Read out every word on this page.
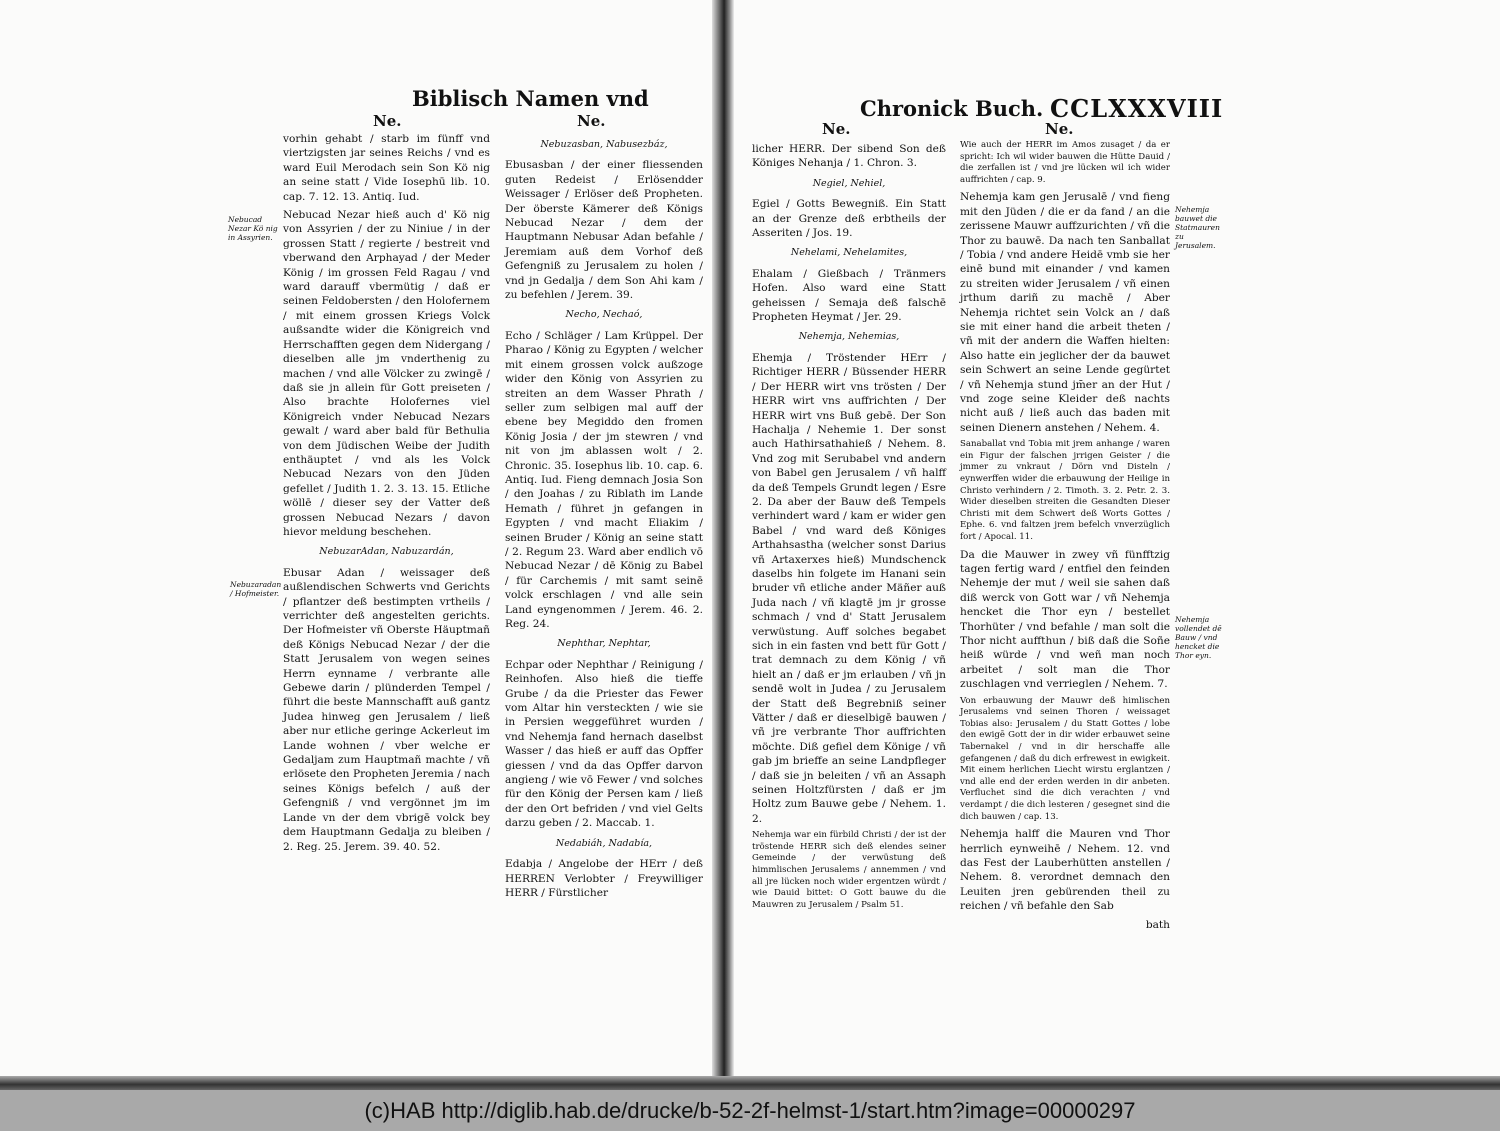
Biblisch Namen vnd	Chronick Buch. CCLXXXVIII
Ne.	Ne.	Ne.	Ne.

vorhin gehabt / starb im fünff vnd viertzigsten jar seines Reichs / vnd es ward Euil Merodach sein Son Kö nig an seine statt / Vide Iosephū lib. 10. cap. 7. 12. 13. Antiq. Iud.

Nebucad Nezar hieß auch d' Kö nig von Assyrien / der zu Niniue / in der grossen Statt / regierte / bestreit vnd vberwand den Arphayad / der Meder König / im grossen Feld Ragau / vnd ward darauff vbermütig / daß er seinen Feldobersten / den Holofernem / mit einem grossen Kriegs Volck außsandte wider die Königreich vnd Herrschafften gegen dem Nidergang / dieselben alle jm vnderthenig zu machen / vnd alle Völcker zu zwingē / daß sie jn allein für Gott preiseten / Also brachte Holofernes viel Königreich vnder Nebucad Nezars gewalt / ward aber bald für Bethulia von dem Jüdischen Weibe der Judith enthäuptet / vnd als les Volck Nebucad Nezars von den Jüden gefellet / Judith 1. 2. 3. 13. 15. Etliche wöllē / dieser sey der Vatter deß grossen Nebucad Nezars / davon hievor meldung beschehen.

NebuzarAdan, Nabuzardán,

Ebusar Adan / weissager deß außlendischen Schwerts vnd Gerichts / pflantzer deß bestimpten vrtheils / verrichter deß angestelten gerichts. Der Hofmeister vñ Oberste Häuptmañ deß Königs Nebucad Nezar / der die Statt Jerusalem von wegen seines Herrn eynname / verbrante alle Gebewe darin / plünderden Tempel / führt die beste Mannschafft auß gantz Judea hinweg gen Jerusalem / ließ aber nur etliche geringe Ackerleut im Lande wohnen / vber welche er Gedaljam zum Hauptmañ machte / vñ erlösete den Propheten Jeremia / nach seines Königs befelch / auß der Gefengniß / vnd vergönnet jm im Lande vn der dem vbrigē volck bey dem Hauptmann Gedalja zu bleiben / 2. Reg. 25. Jerem. 39. 40. 52.

Nebuzasban, Nabusezbáz,

Ebusasban / der einer fliessenden guten Redeist / Erlösendder Weissager / Erlöser deß Propheten. Der öberste Kämerer deß Königs Nebucad Nezar / dem der Hauptmann Nebusar Adan befahle / Jeremiam auß dem Vorhof deß Gefengniß zu Jerusalem zu holen / vnd jn Gedalja / dem Son Ahi kam / zu befehlen / Jerem. 39.

Necho, Nechaó,

Echo / Schläger / Lam Krüppel. Der Pharao / König zu Egypten / welcher mit einem grossen volck außzoge wider den König von Assyrien zu streiten an dem Wasser Phrath / seller zum selbigen mal auff der ebene bey Megiddo den fromen König Josia / der jm stewren / vnd nit von jm ablassen wolt / 2. Chronic. 35. Iosephus lib. 10. cap. 6. Antiq. Iud. Fieng demnach Josia Son / den Joahas / zu Riblath im Lande Hemath / führet jn gefangen in Egypten / vnd macht Eliakim / seinen Bruder / König an seine statt / 2. Regum 23. Ward aber endlich vō Nebucad Nezar / dē König zu Babel / für Carchemis / mit samt seinē volck erschlagen / vnd alle sein Land eyngenommen / Jerem. 46. 2. Reg. 24.

Nephthar, Nephtar,

Echpar oder Nephthar / Reinigung / Reinhofen. Also hieß die tieffe Grube / da die Priester das Fewer vom Altar hin versteckten / wie sie in Persien weggeführet wurden / vnd Nehemja fand hernach daselbst Wasser / das hieß er auff das Opffer giessen / vnd da das Opffer darvon angieng / wie vō Fewer / vnd solches für den König der Persen kam / ließ der den Ort befriden / vnd viel Gelts darzu geben / 2. Maccab. 1.

Nedabiáh, Nadabía,

Edabja / Angelobe der HErr / deß HERREN Verlobter / Freywilliger HERR / Fürstlicher

licher HERR. Der sibend Son deß Königes Nehanja / 1. Chron. 3.

Negiel, Nehiel,

Egiel / Gotts Bewegniß. Ein Statt an der Grenze deß erbtheils der Asseriten / Jos. 19.

Nehelami, Nehelamites,

Ehalam / Gießbach / Tränmers Hofen. Also ward eine Statt geheissen / Semaja deß falschē Propheten Heymat / Jer. 29.

Nehemja, Nehemias,

Ehemja / Tröstender HErr / Richtiger HERR / Büssender HERR / Der HERR wirt vns trösten / Der HERR wirt vns auffrichten / Der HERR wirt vns Buß gebē. Der Son Hachalja / Nehemie 1. Der sonst auch Hathirsathahieß / Nehem. 8. Vnd zog mit Serubabel vnd andern von Babel gen Jerusalem / vñ halff da deß Tempels Grundt legen / Esre 2. Da aber der Bauw deß Tempels verhindert ward / kam er wider gen Babel / vnd ward deß Königes Arthahsastha (welcher sonst Darius vñ Artaxerxes hieß) Mundschenck daselbs hin folgete im Hanani sein bruder vñ etliche ander Mäñer auß Juda nach / vñ klagtē jm jr grosse schmach / vnd d' Statt Jerusalem verwüstung. Auff solches begabet sich in ein fasten vnd bett für Gott / trat demnach zu dem König / vñ hielt an / daß er jm erlauben / vñ jn sendē wolt in Judea / zu Jerusalem der Statt deß Begrebniß seiner Vätter / daß er dieselbigē bauwen / vñ jre verbrante Thor auffrichten möchte. Diß gefiel dem Könige / vñ gab jm brieffe an seine Landpfleger / daß sie jn beleiten / vñ an Assaph seinen Holtzfürsten / daß er jm Holtz zum Bauwe gebe / Nehem. 1. 2.

Nehemja war ein fürbild Christi / der ist der tröstende HERR sich deß elendes seiner Gemeinde / der verwüstung deß himmlischen Jerusalems / annemmen / vnd all jre lücken noch wider ergentzen würdt / wie Dauid bittet: O Gott bauwe du die Mauwren zu Jerusalem / Psalm 51.

Wie auch der HERR im Amos zusaget / da er spricht: Ich wil wider bauwen die Hütte Dauid / die zerfallen ist / vnd jre lücken wil ich wider auffrichten / cap. 9.

Nehemja kam gen Jerusalē / vnd fieng mit den Jüden / die er da fand / an die zerissene Mauwr auffzurichten / vñ die Thor zu bauwē. Da nach ten Sanballat / Tobia / vnd andere Heidē vmb sie her einē bund mit einander / vnd kamen zu streiten wider Jerusalem / vñ einen jrthum dariñ zu machē / Aber Nehemja richtet sein Volck an / daß sie mit einer hand die arbeit theten / vñ mit der andern die Waffen hielten: Also hatte ein jeglicher der da bauwet sein Schwert an seine Lende gegürtet / vñ Nehemja stund jm̄er an der Hut / vnd zoge seine Kleider deß nachts nicht auß / ließ auch das baden mit seinen Dienern anstehen / Nehem. 4.

Sanaballat vnd Tobia mit jrem anhange / waren ein Figur der falschen jrrigen Geister / die jmmer zu vnkraut / Dörn vnd Disteln / eynwerffen wider die erbauwung der Heilige in Christo verhindern / 2. Timoth. 3. 2. Petr. 2. 3. Wider dieselben streiten die Gesandten Dieser Christi mit dem Schwert deß Worts Gottes / Ephe. 6. vnd faltzen jrem befelch vnverzüglich fort / Apocal. 11.

Da die Mauwer in zwey vñ fünfftzig tagen fertig ward / entfiel den feinden Nehemje der mut / weil sie sahen daß diß werck von Gott war / vñ Nehemja hencket die Thor eyn / bestellet Thorhüter / vnd befahle / man solt die Thor nicht auffthun / biß daß die Soñe heiß würde / vnd weñ man noch arbeitet / solt man die Thor zuschlagen vnd verrieglen / Nehem. 7.

Von erbauwung der Mauwr deß himlischen Jerusalems vnd seinen Thoren / weissaget Tobias also: Jerusalem / du Statt Gottes / lobe den ewigē Gott der in dir wider erbauwet seine Tabernakel / vnd in dir herschaffe alle gefangenen / daß du dich erfrewest in ewigkeit. Mit einem herlichen Liecht wirstu erglantzen / vnd alle end der erden werden in dir anbeten. Verfluchet sind die dich verachten / vnd verdampt / die dich lesteren / gesegnet sind die dich bauwen / cap. 13.

Nehemja halff die Mauren vnd Thor herrlich eynweihē / Nehem. 12. vnd das Fest der Lauberhütten anstellen / Nehem. 8. verordnet demnach den Leuiten jren gebürenden theil zu reichen / vñ befahle den Sab

bath

Nebucad Nezar Kö nig in Assyrien.
Nebuzaradan / Hofmeister.
Nehemja bauwet die Statmauren zu Jerusalem.
Nehemja vollendet dē Bauw / vnd hencket die Thor eyn.
(c)HAB http://diglib.hab.de/drucke/b-52-2f-helmst-1/start.htm?image=00000297
